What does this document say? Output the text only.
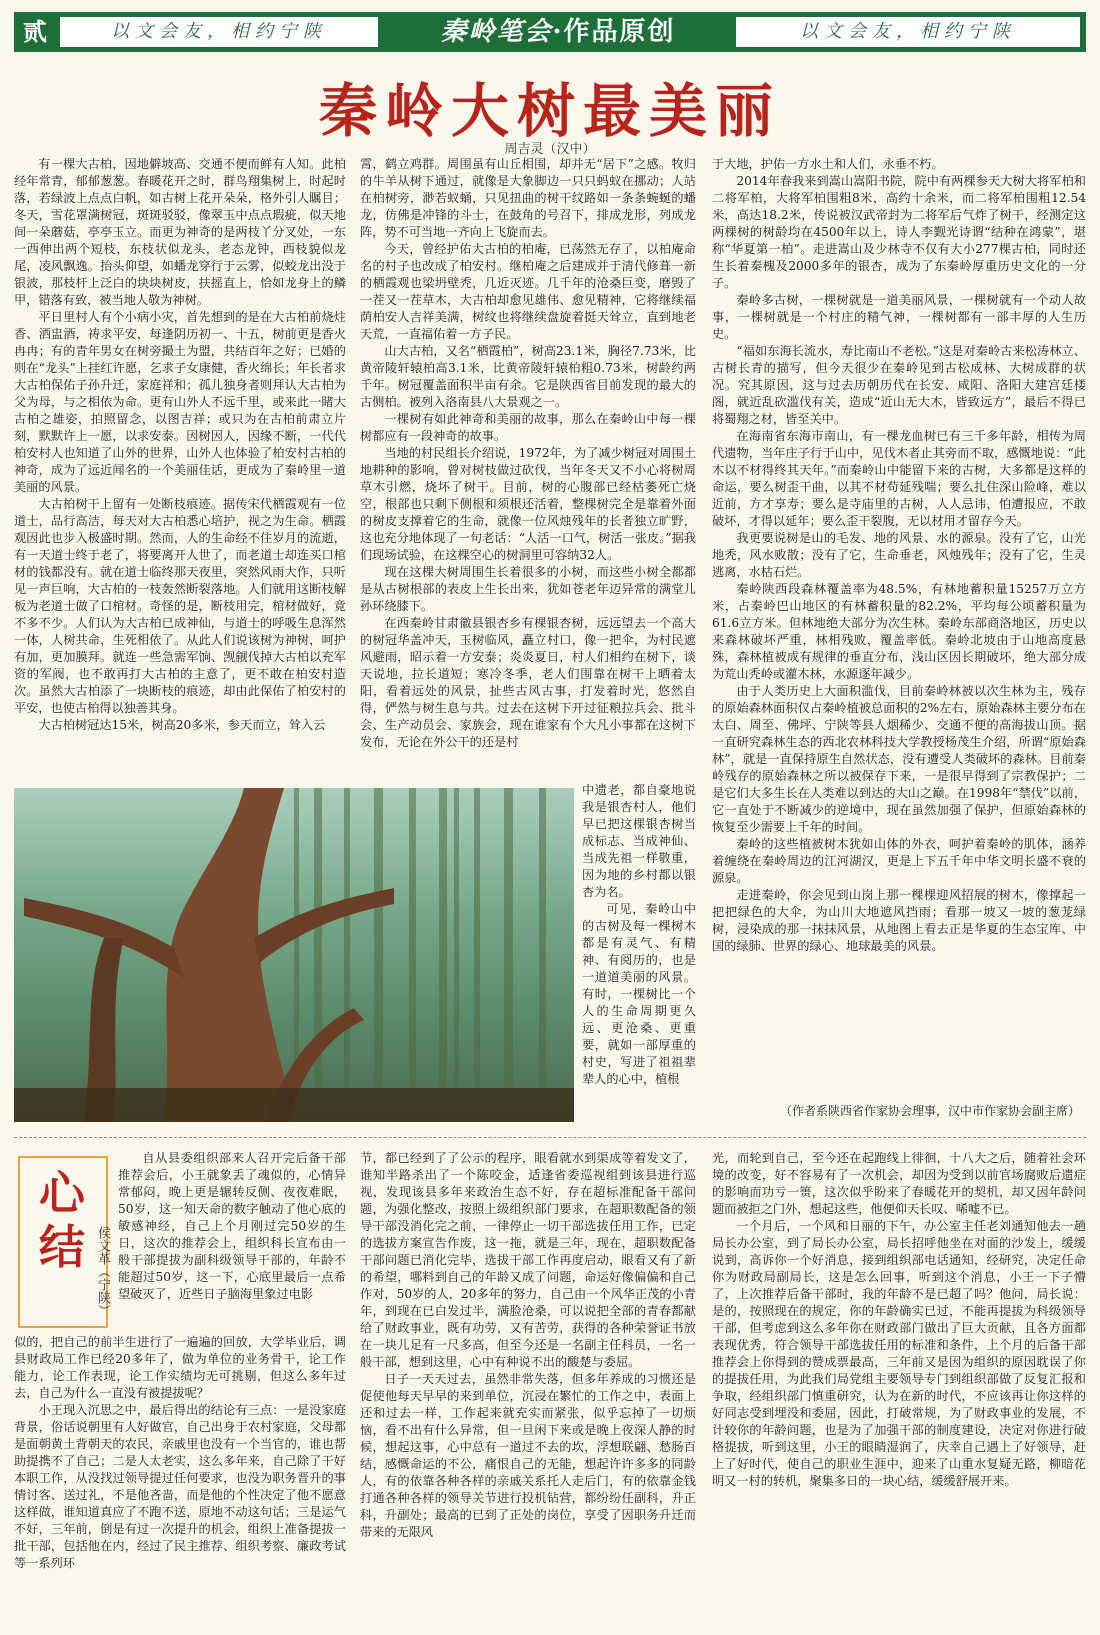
贰	以文会友，相约宁陕	秦岭笔会·作品原创	以文会友，相约宁陕
秦岭大树最美丽
周吉灵（汉中）

有一棵大古柏，因地僻坡高、交通不便而鲜有人知。此柏经年常青，郁郁葱葱。春暖花开之时，群鸟翔集树上，时起时落，若绿波上点点白帆，如古树上花开朵朵，格外引人瞩目；冬天，雪花罩满树冠，斑斑驳驳，像翠玉中点点瑕疵，似天地间一朵蘑菇，亭亭玉立。而更为神奇的是两枝丫分叉处，一东一西伸出两个短枝，东枝状似龙头，老态龙钟，西枝貌似龙尾，凌风飘逸。抬头仰望，如蟠龙穿行于云雾，似蛟龙出没于银波，那枝杆上泛白的块块树皮，扶摇直上，恰如龙身上的鳞甲，错落有致，被当地人敬为神树。

平日里村人有个小病小灾，首先想到的是在大古柏前烧炷香、洒盅酒，祷求平安，每逢阴历初一、十五，树前更是香火冉冉；有的青年男女在树旁撮土为盟，共结百年之好；已婚的则在“龙头”上挂红许愿，乞求子女康健，香火绵长；年长者求大古柏保佑子孙升迁，家庭祥和；孤儿独身者则拜认大古柏为父为母，与之相依为命。更有山外人不远千里，或来此一睹大古柏之雄姿，拍照留念，以图吉祥；或只为在古柏前肃立片刻，默默许上一愿，以求安泰。因树因人，因缘不断，一代代柏安村人也知道了山外的世界，山外人也体验了柏安村古柏的神奇，成为了远近闻名的一个美丽佳话，更成为了秦岭里一道美丽的风景。

大古柏树干上留有一处断枝痕迹。据传宋代栖霞观有一位道士，品行高洁，每天对大古柏悉心培护，视之为生命。栖霞观因此也步入极盛时期。然而，人的生命经不住岁月的流逝，有一天道士终于老了，将要离开人世了，而老道士却连买口棺材的钱都没有。就在道士临终那天夜里，突然风雨大作，只听见一声巨响，大古柏的一枝轰然断裂落地。人们就用这断枝解板为老道士做了口棺材。奇怪的是，断枝用完，棺材做好，竟不多不少。人们认为大古柏已成神仙，与道士的呼吸生息浑然一体，人树共命，生死相依了。从此人们说该树为神树，呵护有加，更加膜拜。就连一些急需军饷、觊觎伐掉大古柏以充军资的军阀，也不敢再打大古柏的主意了，更不敢在柏安村造次。虽然大古柏添了一块断枝的痕迹，却由此保佑了柏安村的平安，也使古柏得以独善其身。

大古柏树冠达15米，树高20多米，参天而立，耸入云

霄，鹤立鸡群。周围虽有山丘相围，却并无“居下”之感。牧归的牛羊从树下通过，就像是大象脚边一只只蚂蚁在挪动；人站在柏树旁，渺若蚁蛹，只见扭曲的树干纹路如一条条蜿蜒的蟠龙，仿佛是冲锋的斗士，在鼓角的号召下，排成龙形，列成龙阵，势不可当地一齐向上飞旋而去。

今天，曾经护佑大古柏的柏庵，已荡然无存了，以柏庵命名的村子也改成了柏安村。继柏庵之后建成并于清代修葺一新的栖霞观也梁坍壁秃，几近灭迹。几千年的沧桑巨变，磨毁了一茬又一茬草木，大古柏却愈见雄伟、愈见精神，它将继续福荫柏安人吉祥美满，树纹也将继续盘旋着挺天耸立，直到地老天荒，一直福佑着一方子民。

山大古柏，又名“栖霞柏”，树高23.1米，胸径7.73米，比黄帝陵轩辕柏高3.1米，比黄帝陵轩辕柏粗0.73米，树龄约两千年。树冠覆盖面积半亩有余。它是陕西省目前发现的最大的古侧柏。被列入洛南县八大景观之一。

一棵树有如此神奇和美丽的故事，那么在秦岭山中每一棵树都应有一段神奇的故事。

当地的村民组长介绍说，1972年，为了减少树冠对周围土地耕种的影响，曾对树枝做过砍伐，当年冬天又不小心将树周草木引燃，烧坏了树干。目前，树的心腹部已经枯萎死亡烧空，根部也只剩下侧根和须根还活着，整棵树完全是靠着外面的树皮支撑着它的生命，就像一位风烛残年的长者独立旷野，这也充分地体现了一句老话：“人活一口气，树活一张皮。”据我们现场试验，在这棵空心的树洞里可容纳32人。

现在这棵大树周围生长着很多的小树，而这些小树全都都是从古树根部的表皮上生长出来，犹如苍老年迈异常的满堂儿孙环绕膝下。

在西秦岭甘肃徽县银杏乡有棵银杏树，远远望去一个高大的树冠华盖冲天，玉树临风，矗立村口，像一把伞，为村民遮风避雨，昭示着一方安泰；炎炎夏日，村人们相约在树下，谈天说地，拉长道短；寒冷冬季，老人们围靠在树干上晒着太阳，看着远处的风景，扯些古风古事，打发着时光，悠然自得，俨然与树生息与共。过去在这树下开过征粮拉兵会、批斗会、生产动员会、家族会，现在谁家有个大凡小事都在这树下发布，无论在外公干的还是村

中遗老，都自豪地说我是银杏村人，他们早已把这棵银杏树当成标志、当成神仙、当成先祖一样敬重，因为地的乡村都以银杏为名。

可见，秦岭山中的古树及每一棵树木都是有灵气、有精神、有阅历的，也是一道道美丽的风景。有时，一棵树比一个人的生命周期更久远、更沧桑、更重要，就如一部厚重的村史，写进了祖祖辈辈人的心中，植根

于大地，护佑一方水土和人们，永垂不朽。

2014年春我来到嵩山嵩阳书院，院中有两棵参天大树大将军柏和二将军柏，大将军柏围粗8米，高约十余米，而二将军柏围粗12.54米，高达18.2米，传说被汉武帝封为二将军后气炸了树干，经测定这两棵树的树龄均在4500年以上，诗人李觐光诗谓“结种在鸿蒙”，堪称“华夏第一柏”。走进嵩山及少林寺不仅有大小277棵古柏，同时还生长着秦槐及2000多年的银杏，成为了东秦岭厚重历史文化的一分子。

秦岭多古树，一棵树就是一道美丽风景，一棵树就有一个动人故事，一棵树就是一个村庄的精气神，一棵树都有一部丰厚的人生历史。

“福如东海长流水，寿比南山不老松。”这是对秦岭古来松涛林立、古树长青的描写，但今天很少在秦岭见到古松成林、大树成群的状况。究其原因，这与过去历朝历代在长安、咸阳、洛阳大建宫廷楼阁，就近乱砍滥伐有关，造成“近山无大木，皆致远方”，最后不得已将蜀翔之材，皆至关中。

在海南省东海市南山，有一棵龙血树已有三千多年龄，相传为周代遗物，当年庄子行于山中，见伐木者止其旁而不取，感慨地说：“此木以不材得终其天年。”而秦岭山中能留下来的古树，大多都是这样的命运，要么树歪干曲，以其不材苟延残喘；要么扎住深山险峰，难以近前，方才享寿；要么是寺庙里的古树，人人忌讳，怕遭报应，不敢破坏，才得以延年；要么歪干裂腹，无以材用才留存今天。

我更要说树是山的毛发、地的风景、水的源泉。没有了它，山光地秃，风水败散；没有了它，生命垂老，风烛残年；没有了它，生灵逃离，水枯石烂。

秦岭陕西段森林覆盖率为48.5%，有林地蓄积量15257万立方米，占秦岭巴山地区的有林蓄积量的82.2%，平均每公顷蓄积量为61.6立方米。但林地绝大部分为次生林。秦岭东部商洛地区，历史以来森林破坏严重，林相残败，覆盖率低。秦岭北坡由于山地高度悬殊，森林植被成有规律的垂直分布，浅山区因长期破坏，绝大部分成为荒山秃岭或灌木林，水源逐年减少。

由于人类历史上大面积滥伐，目前秦岭林被以次生林为主，残存的原始森林面积仅占秦岭植被总面积的2%左右，原始森林主要分布在太白、周至、佛坪、宁陕等县人烟稀少、交通不便的高海拔山顶。据一直研究森林生态的西北农林科技大学教授杨茂生介绍，所谓“原始森林”，就是一直保持原生自然状态，没有遭受人类破坏的森林。目前秦岭残存的原始森林之所以被保存下来，一是很早得到了宗教保护；二是它们大多生长在人类难以到达的大山之巅。在1998年“禁伐”以前，它一直处于不断减少的逆境中，现在虽然加强了保护，但原始森林的恢复至少需要上千年的时间。

秦岭的这些植被树木犹如山体的外衣，呵护着秦岭的肌体，涵养着缠绕在秦岭周边的江河湖汉，更是上下五千年中华文明长盛不衰的源泉。

走进秦岭，你会见到山岗上那一棵棵迎风招展的树木，像撑起一把把绿色的大伞，为山川大地遮风挡雨；看那一坡又一坡的葱茏绿树，浸染成的那一抹抹风景，从地图上看去正是华夏的生态宝库、中国的绿肺、世界的绿心、地球最美的风景。

（作者系陕西省作家协会理事，汉中市作家协会副主席）
心结 侯文革（宁陕）

自从县委组织部来人召开完后备干部推荐会后，小王就象丢了魂似的，心情异常郁闷，晚上更是辗转反侧、夜夜难眠，50岁，这一知天命的数字触动了他心底的敏感神经，自己上个月刚过完50岁的生日，这次的推荐会上，组织科长宣布由一般干部提拔为副科级领导干部的，年龄不能超过50岁，这一下，心底里最后一点希望破灭了，近些日子脑海里象过电影

似的，把自己的前半生进行了一遍遍的回放，大学毕业后，调县财政局工作已经20多年了，做为单位的业务骨干，论工作能力，论工作表现，论工作实绩均无可挑剔，但这么多年过去，自己为什么一直没有被提拔呢？

小王现入沉思之中，最后得出的结论有三点：一是没家庭背景，俗话说朝里有人好做官，自己出身于农村家庭，父母都是面朝黄土背朝天的农民，亲戚里也没有一个当官的，谁也帮助提携不了自己；二是人太老实，这么多年来，自己除了干好本职工作，从没找过领导提过任何要求，也没为职务晋升的事情讨客、送过礼，不是他吝啬，而是他的个性决定了他不愿意这样做，谁知道真应了不跑不送，原地不动这句话；三是运气不好，三年前，倒是有过一次提升的机会，组织上准备提拔一批干部，包括他在内，经过了民主推荐、组织考察、廉政考试等一系列环

节，都已经到了了公示的程序，眼看就水到渠成等着发文了，谁知半路杀出了一个陈咬金，适逢省委巡视组到该县进行巡视，发现该县多年来政治生态不好，存在超标准配备干部问题，为强化整改，按照上级组织部门要求，在超职数配备的领导干部没消化完之前，一律停止一切干部选拔任用工作，已定的选拔方案宣告作废，这一拖，就是三年，现在，超职数配备干部问题已消化完毕，选拔干部工作再度启动，眼看又有了新的希望，哪料到自己的年龄又成了问题，命运好像偏偏和自己作对，50岁的人，20多年的努力，自己由一个风华正茂的小青年，到现在已白发过半，满脸沧桑，可以说把全部的青春都献给了财政事业，既有功劳，又有苦劳，获得的各种荣誉证书放在一块儿足有一尺多高，但至今还是一名副主任科员，一名一般干部，想到这里，心中有种说不出的酸楚与委屈。

日子一天天过去，虽然非常失落，但多年养成的习惯还是促使他每天早早的来到单位，沉浸在繁忙的工作之中，表面上还和过去一样，工作起来就充实而紧张，似乎忘掉了一切烦恼，看不出有什么异常，但一旦闲下来或是晚上夜深人静的时候，想起这事，心中总有一道过不去的坎，浮想联翩、愁肠百结，感慨命运的不公，痛恨自己的无能，想起许许多多的同龄人，有的依靠各种各样的亲戚关系托人走后门，有的依靠金钱打通各种各样的领导关节进行投机钻营，都纷纷任副科，升正科，升副处；最高的已到了正处的岗位，享受了因职务升迁而带来的无限风

光，而轮到自己，至今还在起跑线上徘徊，十八大之后，随着社会环境的改变，好不容易有了一次机会，却因为受到以前官场腐败后遗症的影响而功亏一篑，这次似乎盼来了春暖花开的契机，却又因年龄问题而被拒之门外，想起这些，他便仰天长叹、唏嘘不已。

一个月后，一个风和日丽的下午，办公室主任老刘通知他去一趟局长办公室，到了局长办公室，局长招呼他坐在对面的沙发上，缓缓说到，高诉你一个好消息，接到组织部电话通知，经研究，决定任命你为财政局副局长，这是怎么回事，听到这个消息，小王一下子懵了，上次推荐后备干部时，我的年龄不是已超了吗？他问，局长说：是的，按照现在的规定，你的年龄确实已过，不能再提拔为科级领导干部，但考虑到这么多年你在财政部门做出了巨大贡献，且各方面都表现优秀，符合领导干部选拔任用的标准和条件，上个月的后备干部推荐会上你得到的赞成票最高，三年前又是因为组织的原因耽误了你的提拔任用，为此我们局党组主要领导专门到组织部做了反复汇报和争取，经组织部门慎重研究，认为在新的时代，不应该再让你这样的好同志受到埋没和委屈，因此，打破常规，为了财政事业的发展，不计较你的年龄问题，也是为了加强干部的制度建设，决定对你进行破格提拔，听到这里，小王的眼睛湿润了，庆幸自己遇上了好领导，赶上了好时代，使自己的职业生涯中，迎来了山重水复疑无路，柳暗花明又一村的转机，聚集多日的一块心结，缓缓舒展开来。
